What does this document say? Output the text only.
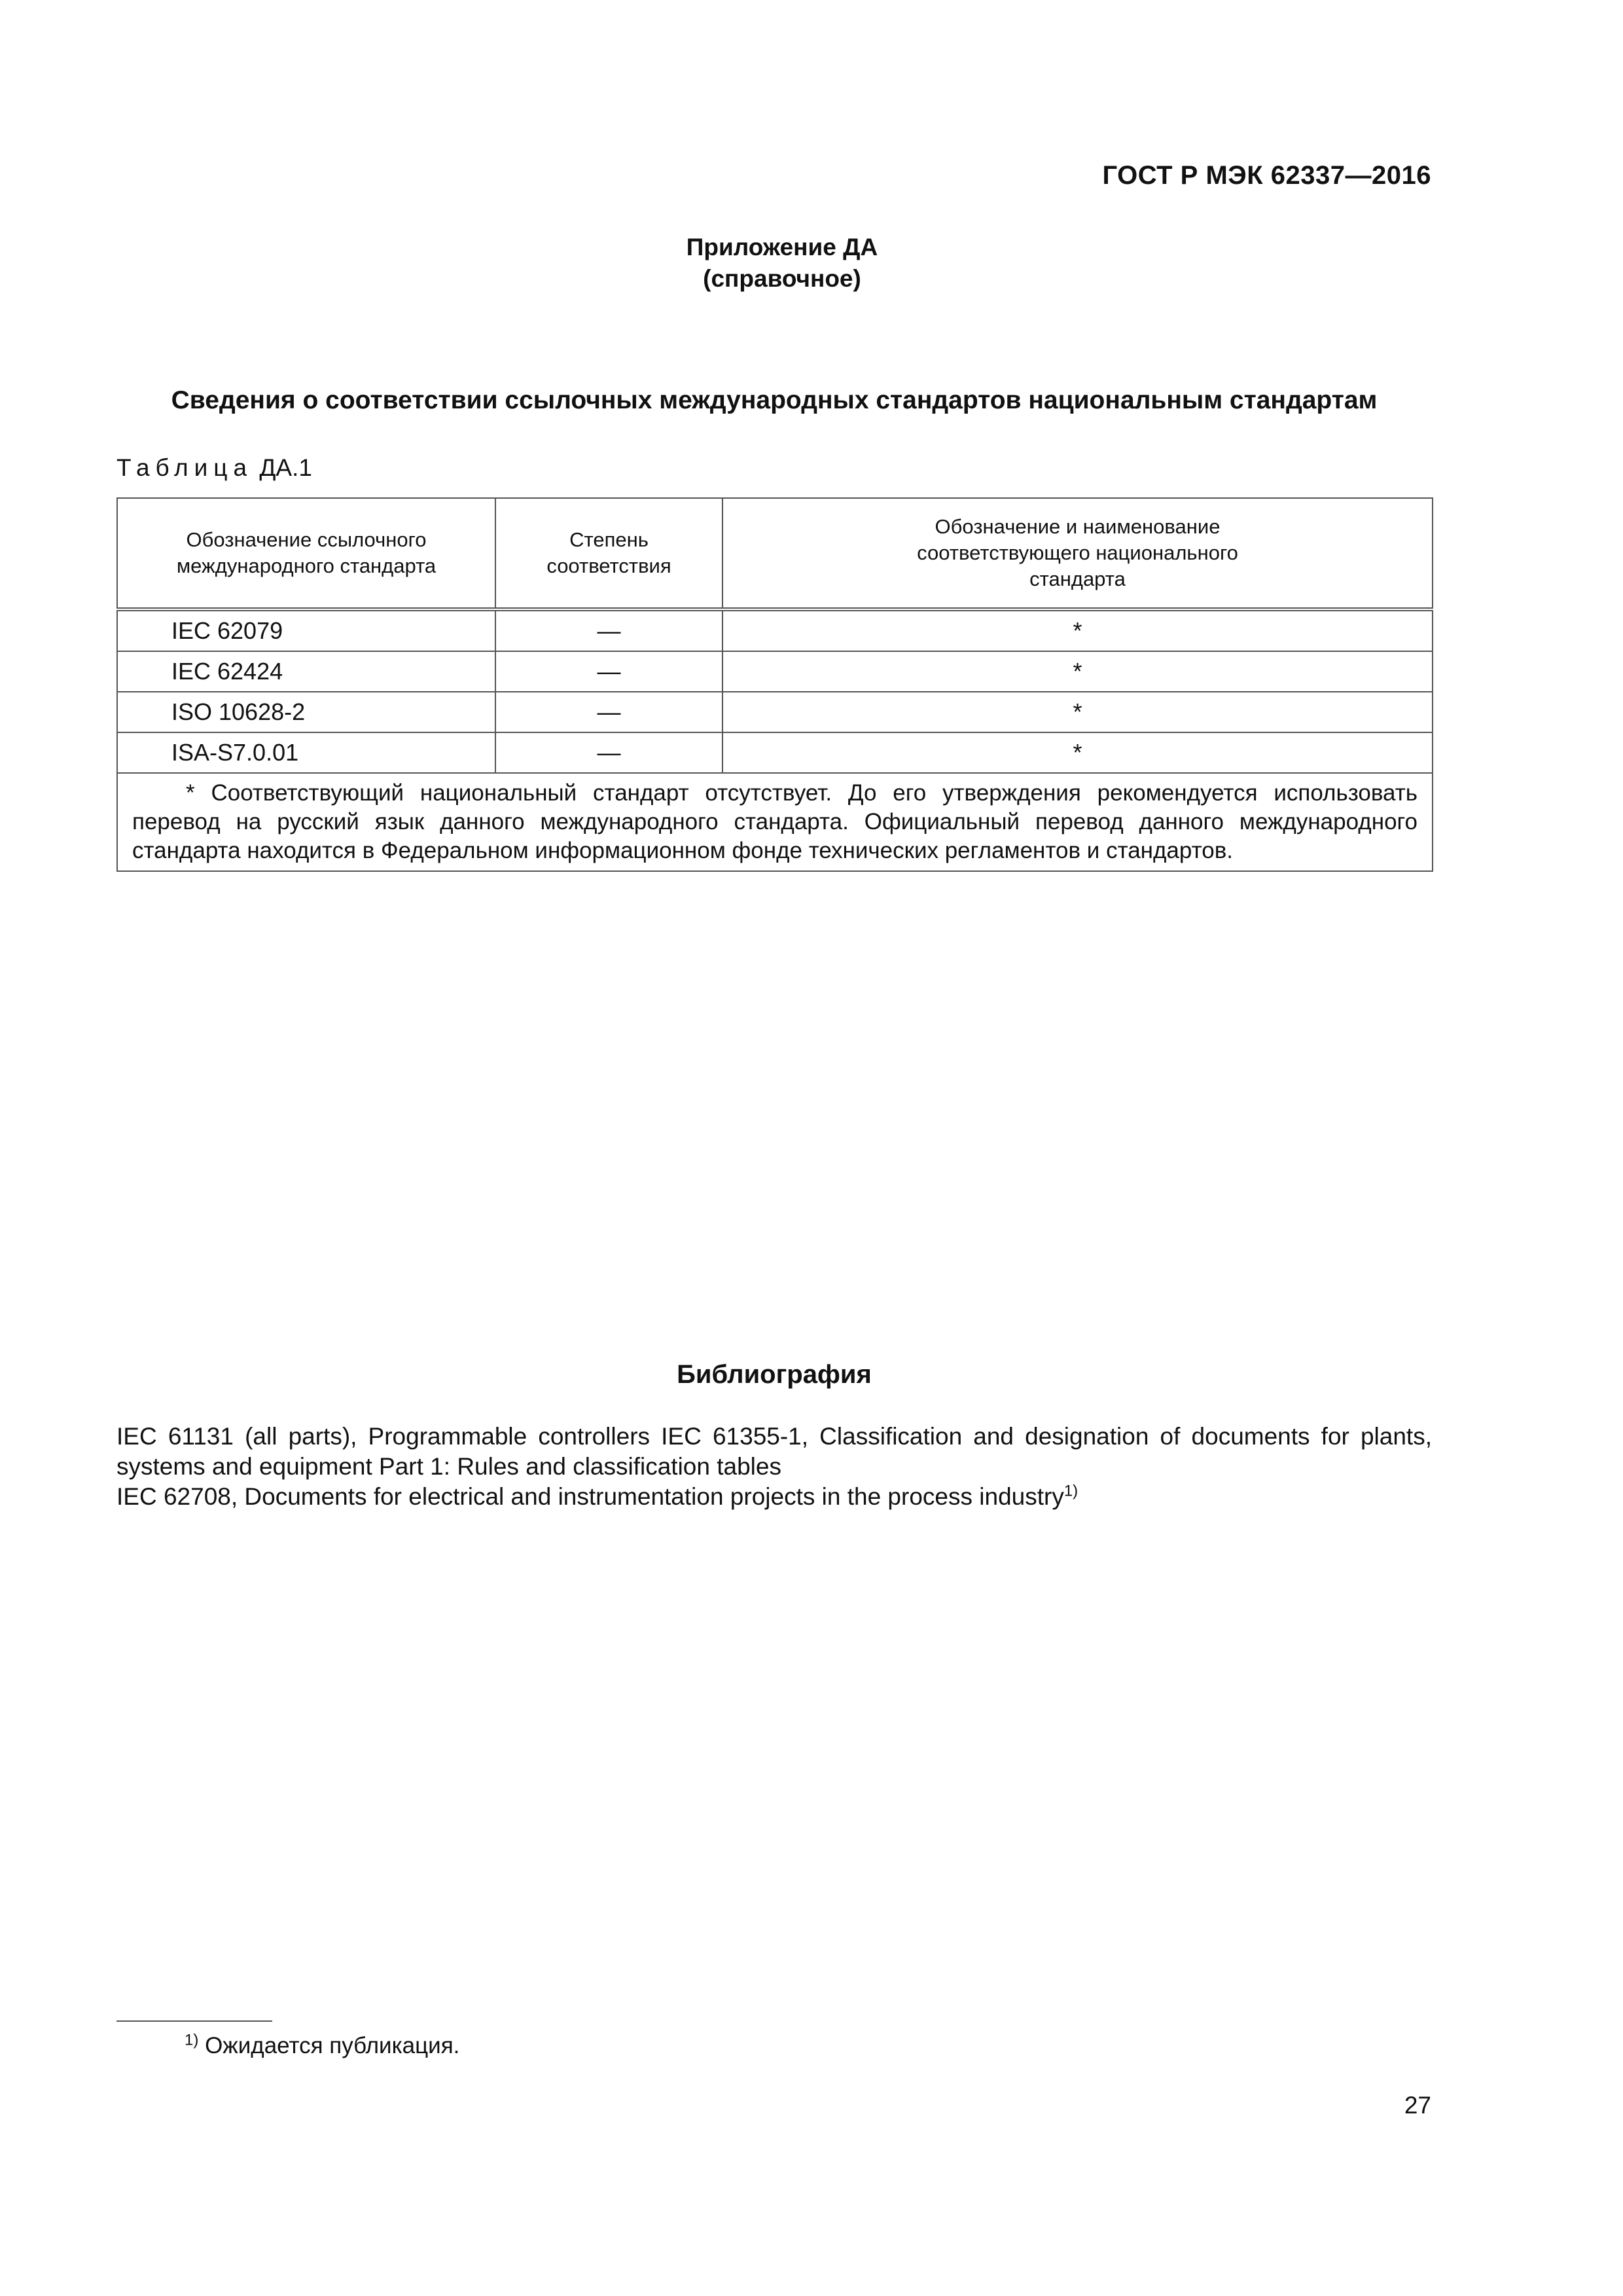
ГОСТ Р МЭК 62337—2016
Приложение ДА
(справочное)
Сведения о соответствии ссылочных международных стандартов национальным стандартам
Таблица ДА.1
Обозначение ссылочного международного стандарта	Степень соответствия	Обозначение и наименование соответствующего национального стандарта
IEC 62079	—	*
IEC 62424	—	*
ISO 10628-2	—	*
ISA-S7.0.01	—	*
* Соответствующий национальный стандарт отсутствует. До его утверждения рекомендуется использовать перевод на русский язык данного международного стандарта. Официальный перевод данного международного стандарта находится в Федеральном информационном фонде технических регламентов и стандартов.		
Библиография

IEC 61131 (all parts), Programmable controllers IEC 61355-1, Classification and designation of documents for plants, systems and equipment Part 1: Rules and classification tables

IEC 62708, Documents for electrical and instrumentation projects in the process industry$^{1)}$

$^{1)}$ Ожидается публикация.
27
